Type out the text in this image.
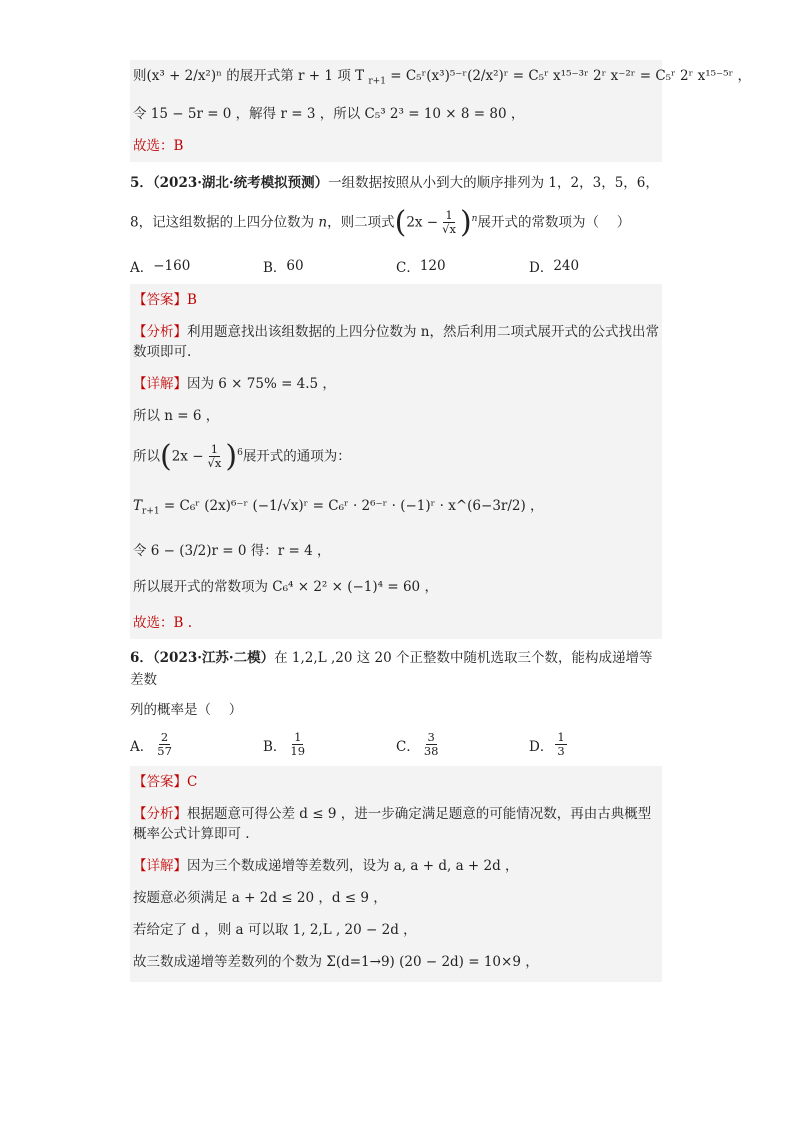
则(x³ + 2/x²)ⁿ 的展开式第 r + 1 项 T $_{r+1}$ = C₅ʳ(x³)⁵⁻ʳ(2/x²)ʳ = C₅ʳ x¹⁵⁻³ʳ 2ʳ x⁻²ʳ = C₅ʳ 2ʳ x¹⁵⁻⁵ʳ ，
令 15 − 5r = 0 ，解得 r = 3 ，所以 C₅³ 2³ = 10 × 8 = 80 ，
故选：B
5．（2023·湖北·统考模拟预测）一组数据按照从小到大的顺序排列为 1，2，3，5，6，
8，记这组数据的上四分位数为 n，则二项式$(2x - \frac{1}{√x} )^n$展开式的常数项为（　 ）
A． −160	B． 60	C． 120	D． 240
【答案】B
【分析】利用题意找出该组数据的上四分位数为 n，然后利用二项式展开式的公式找出常数项即可.
【详解】因为 6 × 75% = 4.5 ，
所以 n = 6 ，
所以$(2x - \frac{1}{√x} )^6$展开式的通项为：
$T_{r+1}$ = C₆ʳ (2x)⁶⁻ʳ (−1/√x)ʳ = C₆ʳ · 2⁶⁻ʳ · (−1)ʳ · x^(6−3r/2) ，
令 6 − (3/2)r = 0 得：r = 4 ，
所以展开式的常数项为 C₆⁴ × 2² × (−1)⁴ = 60 ，
故选：B .
6．（2023·江苏·二模）在 1,2,L ,20 这 20 个正整数中随机选取三个数，能构成递增等差数
列的概率是（　 ）
A． $\frac{2}{57}$	B． $\frac{1}{19}$	C． $\frac{3}{38}$	D． $\frac{1}{3}$
【答案】C
【分析】根据题意可得公差 d ≤ 9 ，进一步确定满足题意的可能情况数，再由古典概型概率公式计算即可 .
【详解】因为三个数成递增等差数列，设为 a, a + d, a + 2d ，
按题意必须满足 a + 2d ≤ 20 ，d ≤ 9 ，
若给定了 d ，则 a 可以取 1, 2,L , 20 − 2d ，
故三数成递增等差数列的个数为 Σ(d=1→9) (20 − 2d) = 10×9 ，
